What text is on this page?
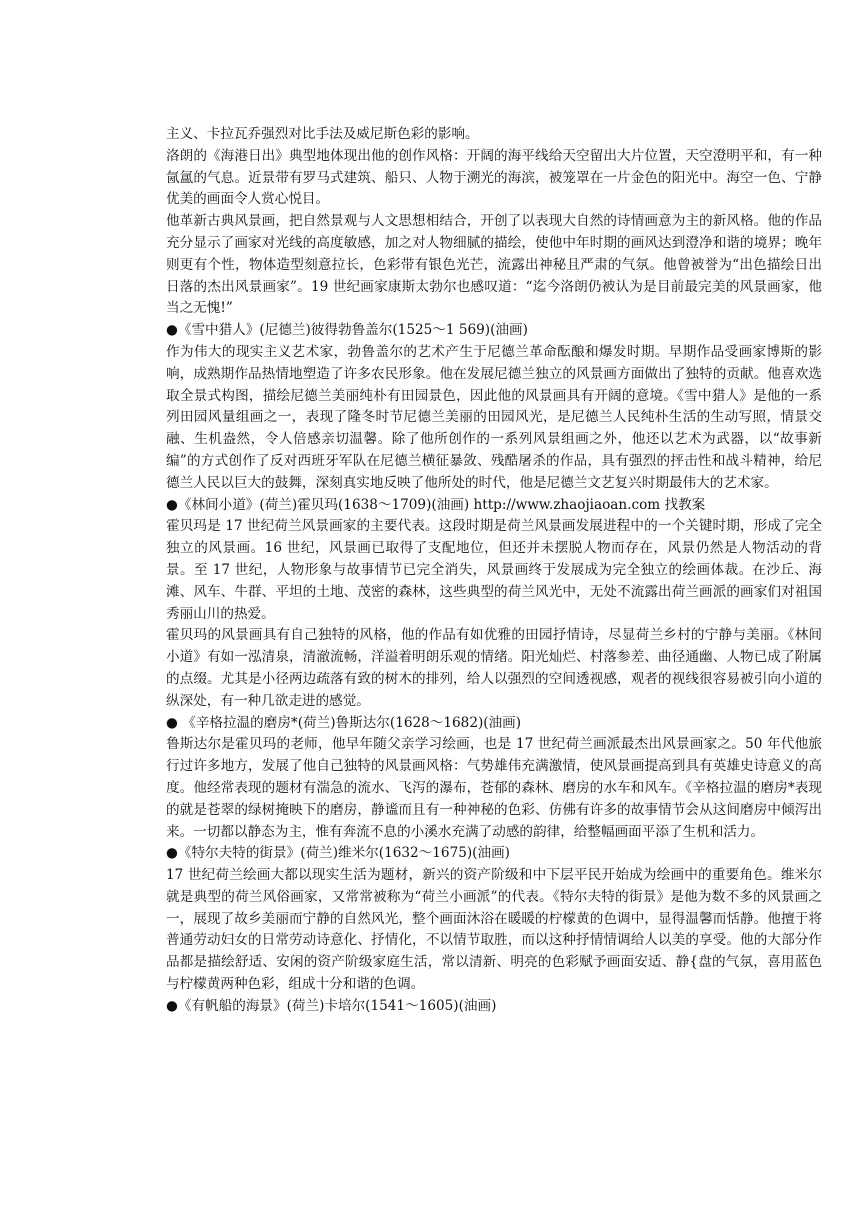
主义、卡拉瓦乔强烈对比手法及威尼斯色彩的影响。

洛朗的《海港日出》典型地体现出他的创作风格：开阔的海平线给天空留出大片位置，天空澄明平和，有一种氤氲的气息。近景带有罗马式建筑、船只、人物于溯光的海滨，被笼罩在一片金色的阳光中。海空一色、宁静优美的画面令人赏心悦目。

他革新古典风景画，把自然景观与人文思想相结合，开创了以表现大自然的诗情画意为主的新风格。他的作品充分显示了画家对光线的高度敏感，加之对人物细腻的描绘，使他中年时期的画风达到澄净和谐的境界；晚年则更有个性，物体造型刻意拉长，色彩带有银色光芒，流露出神秘且严肃的气氛。他曾被誉为“出色描绘日出日落的杰出风景画家”。19 世纪画家康斯太勃尔也感叹道：“迄今洛朗仍被认为是目前最完美的风景画家，他当之无愧!”

●《雪中猎人》(尼德兰)彼得勃鲁盖尔(1525～1 569)(油画)

作为伟大的现实主义艺术家，勃鲁盖尔的艺术产生于尼德兰革命酝酿和爆发时期。早期作品受画家博斯的影响，成熟期作品热情地塑造了许多农民形象。他在发展尼德兰独立的风景画方面做出了独特的贡献。他喜欢选取全景式构图，描绘尼德兰美丽纯朴有田园景色，因此他的风景画具有开阔的意境。《雪中猎人》是他的一系列田园风量组画之一，表现了隆冬时节尼德兰美丽的田园风光，是尼德兰人民纯朴生活的生动写照，情景交融、生机盎然，令人倍感亲切温馨。除了他所创作的一系列风景组画之外，他还以艺术为武器，以“故事新编”的方式创作了反对西班牙军队在尼德兰横征暴敛、残酷屠杀的作品，具有强烈的抨击性和战斗精神，给尼德兰人民以巨大的鼓舞，深刻真实地反映了他所处的时代，他是尼德兰文艺复兴时期最伟大的艺术家。

●《林间小道》(荷兰)霍贝玛(1638～1709)(油画) http://www.zhaojiaoan.com 找教案

霍贝玛是 17 世纪荷兰风景画家的主要代表。这段时期是荷兰风景画发展进程中的一个关键时期，形成了完全独立的风景画。16 世纪，风景画已取得了支配地位，但还并未摆脱人物而存在，风景仍然是人物活动的背景。至 17 世纪，人物形象与故事情节已完全消失，风景画终于发展成为完全独立的绘画体裁。在沙丘、海滩、风车、牛群、平坦的土地、茂密的森林，这些典型的荷兰风光中，无处不流露出荷兰画派的画家们对祖国秀丽山川的热爱。

霍贝玛的风景画具有自己独特的风格，他的作品有如优雅的田园抒情诗，尽显荷兰乡村的宁静与美丽。《林间小道》有如一泓清泉，清澈流畅，洋溢着明朗乐观的情绪。阳光灿烂、村落参差、曲径通幽、人物已成了附属的点缀。尤其是小径两边疏落有致的树木的排列，给人以强烈的空间透视感，观者的视线很容易被引向小道的纵深处，有一种几欲走进的感觉。

● 《辛格拉温的磨房*(荷兰)鲁斯达尔(1628～1682)(油画)

鲁斯达尔是霍贝玛的老师，他早年随父亲学习绘画，也是 17 世纪荷兰画派最杰出风景画家之。50 年代他旅行过许多地方，发展了他自己独特的风景画风格：气势雄伟充满激情，使风景画提高到具有英雄史诗意义的高度。他经常表现的题材有湍急的流水、飞泻的瀑布，苍郁的森林、磨房的水车和风车。《辛格拉温的磨房*表现的就是苍翠的绿树掩映下的磨房，静谧而且有一种神秘的色彩、仿佛有许多的故事情节会从这间磨房中倾泻出来。一切都以静态为主，惟有奔流不息的小溪水充满了动感的韵律，给整幅画面平添了生机和活力。

●《特尔夫特的街景》(荷兰)维米尔(1632～1675)(油画)

17 世纪荷兰绘画大都以现实生活为题材，新兴的资产阶级和中下层平民开始成为绘画中的重要角色。维米尔就是典型的荷兰风俗画家，又常常被称为“荷兰小画派”的代表。《特尔夫特的街景》是他为数不多的风景画之一，展现了故乡美丽而宁静的自然风光，整个画面沐浴在暖暖的柠檬黄的色调中，显得温馨而恬静。他擅于将普通劳动妇女的日常劳动诗意化、抒情化，不以情节取胜，而以这种抒情情调给人以美的享受。他的大部分作品都是描绘舒适、安闲的资产阶级家庭生活，常以清新、明亮的色彩赋予画面安适、静{盘的气氛，喜用蓝色与柠檬黄两种色彩，组成十分和谐的色调。

●《有帆船的海景》(荷兰)卡培尔(1541～1605)(油画)
